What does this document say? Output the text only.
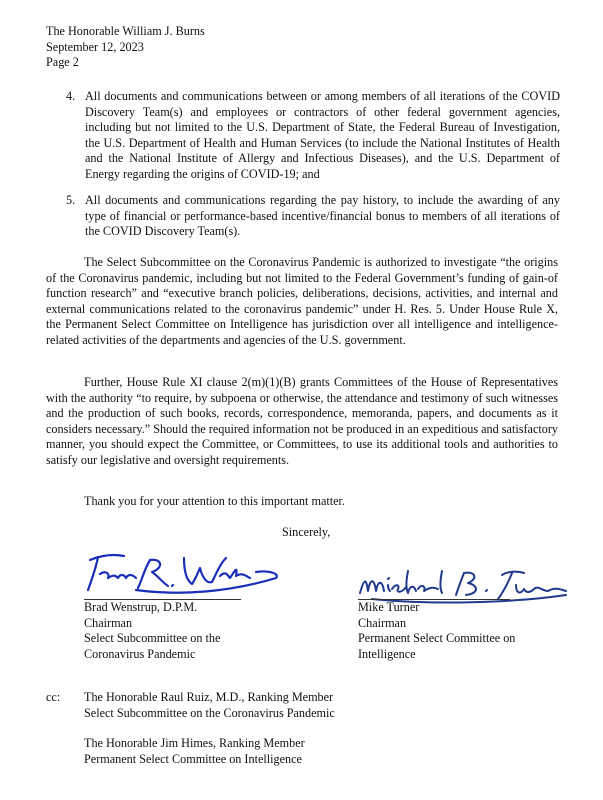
The Honorable William J. Burns
September 12, 2023
Page 2
4. All documents and communications between or among members of all iterations of the COVID Discovery Team(s) and employees or contractors of other federal government agencies, including but not limited to the U.S. Department of State, the Federal Bureau of Investigation, the U.S. Department of Health and Human Services (to include the National Institutes of Health and the National Institute of Allergy and Infectious Diseases), and the U.S. Department of Energy regarding the origins of COVID-19; and
5. All documents and communications regarding the pay history, to include the awarding of any type of financial or performance-based incentive/financial bonus to members of all iterations of the COVID Discovery Team(s).
The Select Subcommittee on the Coronavirus Pandemic is authorized to investigate “the origins of the Coronavirus pandemic, including but not limited to the Federal Government’s funding of gain-of function research” and “executive branch policies, deliberations, decisions, activities, and internal and external communications related to the coronavirus pandemic” under H. Res. 5. Under House Rule X, the Permanent Select Committee on Intelligence has jurisdiction over all intelligence and intelligence-related activities of the departments and agencies of the U.S. government.
Further, House Rule XI clause 2(m)(1)(B) grants Committees of the House of Representatives with the authority “to require, by subpoena or otherwise, the attendance and testimony of such witnesses and the production of such books, records, correspondence, memoranda, papers, and documents as it considers necessary.” Should the required information not be produced in an expeditious and satisfactory manner, you should expect the Committee, or Committees, to use its additional tools and authorities to satisfy our legislative and oversight requirements.
Thank you for your attention to this important matter.
Sincerely,
Brad Wenstrup, D.P.M.
Chairman
Select Subcommittee on the
Coronavirus Pandemic
Mike Turner
Chairman
Permanent Select Committee on
Intelligence
cc: The Honorable Raul Ruiz, M.D., Ranking Member
Select Subcommittee on the Coronavirus Pandemic
The Honorable Jim Himes, Ranking Member
Permanent Select Committee on Intelligence
